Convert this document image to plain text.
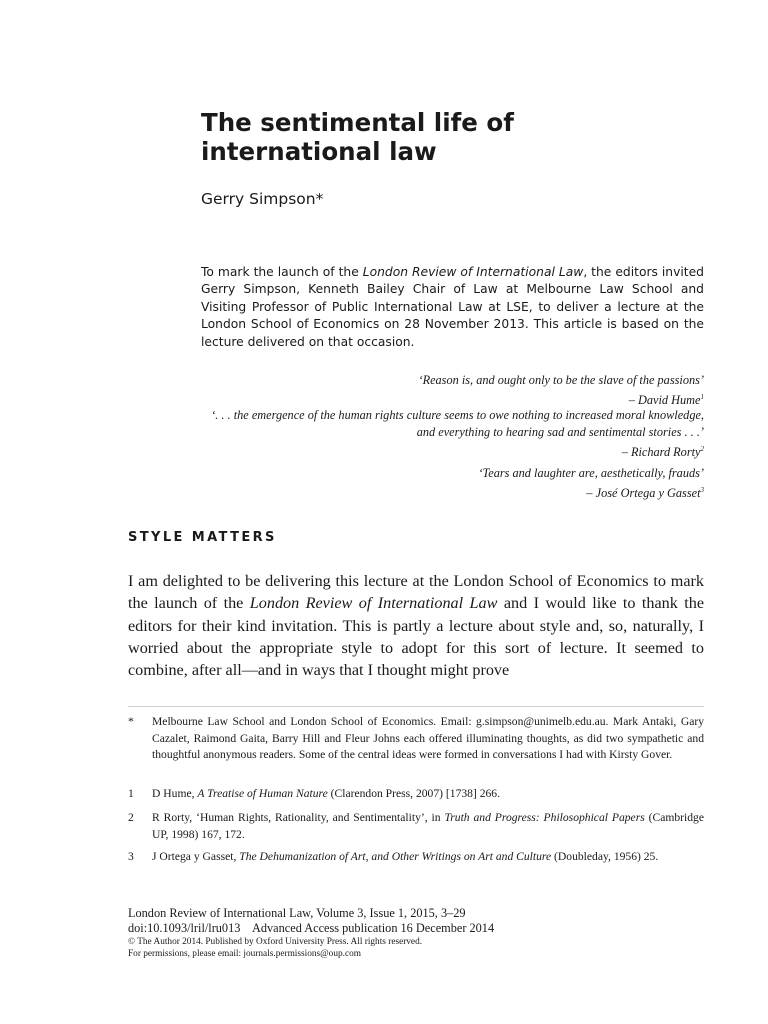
The sentimental life of international law

Gerry Simpson*

To mark the launch of the London Review of International Law, the editors invited Gerry Simpson, Kenneth Bailey Chair of Law at Melbourne Law School and Visiting Professor of Public International Law at LSE, to deliver a lecture at the London School of Economics on 28 November 2013. This article is based on the lecture delivered on that occasion.

‘Reason is, and ought only to be the slave of the passions’
– David Hume$^1$
‘. . . the emergence of the human rights culture seems to owe nothing to increased moral knowledge, and everything to hearing sad and sentimental stories . . .’
– Richard Rorty$^2$
‘Tears and laughter are, aesthetically, frauds’
– José Ortega y Gasset$^3$
STYLE MATTERS

I am delighted to be delivering this lecture at the London School of Economics to mark the launch of the London Review of International Law and I would like to thank the editors for their kind invitation. This is partly a lecture about style and, so, naturally, I worried about the appropriate style to adopt for this sort of lecture. It seemed to combine, after all—and in ways that I thought might prove

* Melbourne Law School and London School of Economics. Email: g.simpson@unimelb.edu.au. Mark Antaki, Gary Cazalet, Raimond Gaita, Barry Hill and Fleur Johns each offered illuminating thoughts, as did two sympathetic and thoughtful anonymous readers. Some of the central ideas were formed in conversations I had with Kirsty Gover.
1 D Hume, A Treatise of Human Nature (Clarendon Press, 2007) [1738] 266.
2 R Rorty, ‘Human Rights, Rationality, and Sentimentality’, in Truth and Progress: Philosophical Papers (Cambridge UP, 1998) 167, 172.
3 J Ortega y Gasset, The Dehumanization of Art, and Other Writings on Art and Culture (Doubleday, 1956) 25.
London Review of International Law, Volume 3, Issue 1, 2015, 3–29
doi:10.1093/lril/lru013    Advanced Access publication 16 December 2014
© The Author 2014. Published by Oxford University Press. All rights reserved.
For permissions, please email: journals.permissions@oup.com
